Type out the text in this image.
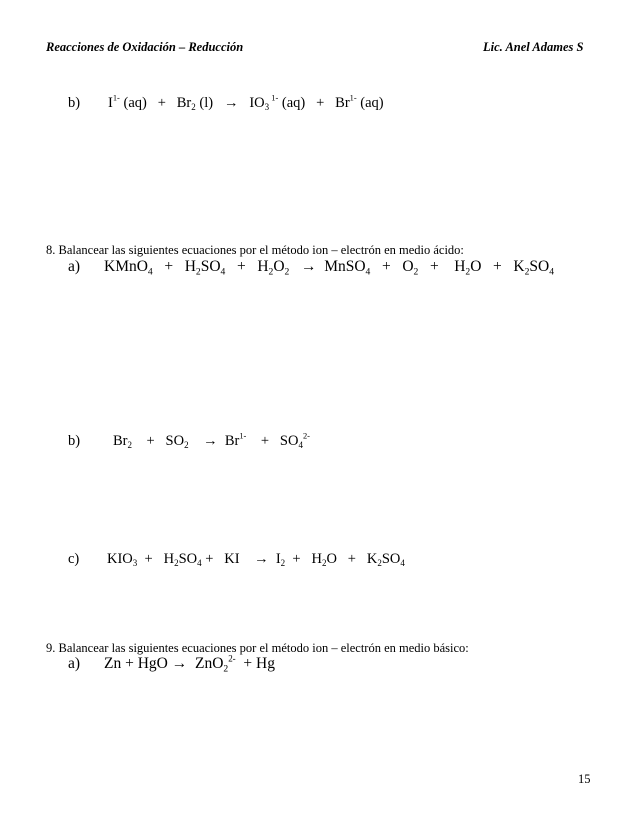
Reacciones de Oxidación – Reducción	Lic. Anel Adames S
b) $I^{1-}$ $(aq) + Br_2$ $(l) \to IO_3$ $^{1-}$ $(aq) + Br^{1-}$ (aq)
8. Balancear las siguientes ecuaciones por el método ion – electrón en medio ácido:
a) KMnO$_4$   +   $H_2SO_4 + H_2O_2$   →  MnSO$_4$   +   $O_2$   +    $H_2O + K_2SO_4$
b) $Br_2$    +   $SO_2$    →  $Br^{1-}$    +   $SO_4^{2-}$
c) $KIO_3 + H_2SO_4$ +   KI    →  $I_2 + H_2O + K_2SO_4$
9. Balancear las siguientes ecuaciones por el método ion – electrón en medio básico:
a) Zn + HgO →  ZnO$_2^{2-}$  + Hg
15
